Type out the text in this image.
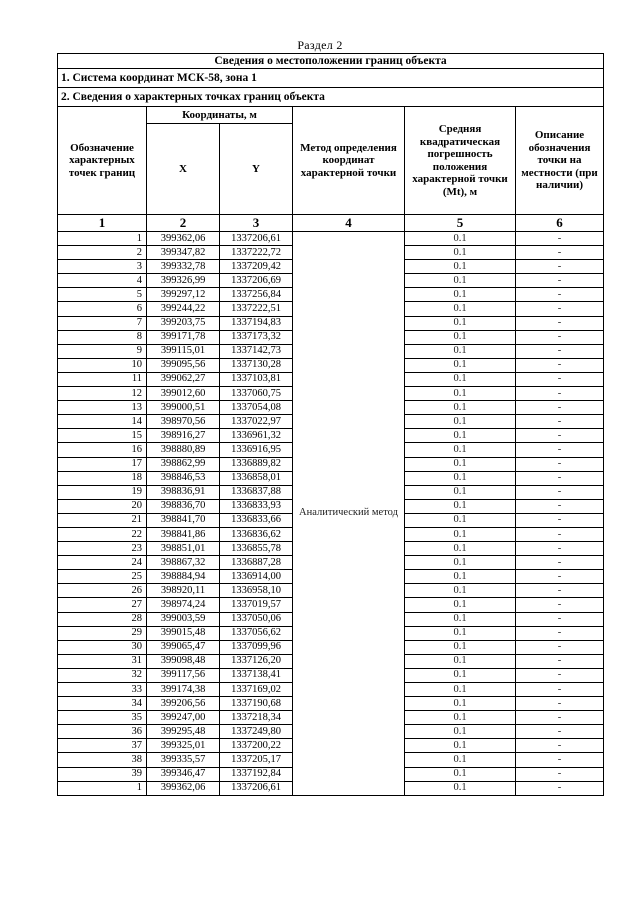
Раздел 2
Сведения о местоположении границ объекта					
1. Система координат МСК-58, зона 1					
2. Сведения о характерных точках границ объекта					
Обозначение характерных точек границ	Координаты, м		Метод определения координат характерной точки	Средняя квадратическая погрешность положения характерной точки (Mt), м	Описание обозначения точки на местности (при наличии)
	X	Y			
1	2	3	4	5	6
1	399362,06	1337206,61	Аналитический метод	0.1	-
2	399347,82	1337222,72		0.1	-
3	399332,78	1337209,42		0.1	-
4	399326,99	1337206,69		0.1	-
5	399297,12	1337256,84		0.1	-
6	399244,22	1337222,51		0.1	-
7	399203,75	1337194,83		0.1	-
8	399171,78	1337173,32		0.1	-
9	399115,01	1337142,73		0.1	-
10	399095,56	1337130,28		0.1	-
11	399062,27	1337103,81		0.1	-
12	399012,60	1337060,75		0.1	-
13	399000,51	1337054,08		0.1	-
14	398970,56	1337022,97		0.1	-
15	398916,27	1336961,32		0.1	-
16	398880,89	1336916,95		0.1	-
17	398862,99	1336889,82		0.1	-
18	398846,53	1336858,01		0.1	-
19	398836,91	1336837,88		0.1	-
20	398836,70	1336833,93		0.1	-
21	398841,70	1336833,66		0.1	-
22	398841,86	1336836,62		0.1	-
23	398851,01	1336855,78		0.1	-
24	398867,32	1336887,28		0.1	-
25	398884,94	1336914,00		0.1	-
26	398920,11	1336958,10		0.1	-
27	398974,24	1337019,57		0.1	-
28	399003,59	1337050,06		0.1	-
29	399015,48	1337056,62		0.1	-
30	399065,47	1337099,96		0.1	-
31	399098,48	1337126,20		0.1	-
32	399117,56	1337138,41		0.1	-
33	399174,38	1337169,02		0.1	-
34	399206,56	1337190,68		0.1	-
35	399247,00	1337218,34		0.1	-
36	399295,48	1337249,80		0.1	-
37	399325,01	1337200,22		0.1	-
38	399335,57	1337205,17		0.1	-
39	399346,47	1337192,84		0.1	-
1	399362,06	1337206,61		0.1	-
